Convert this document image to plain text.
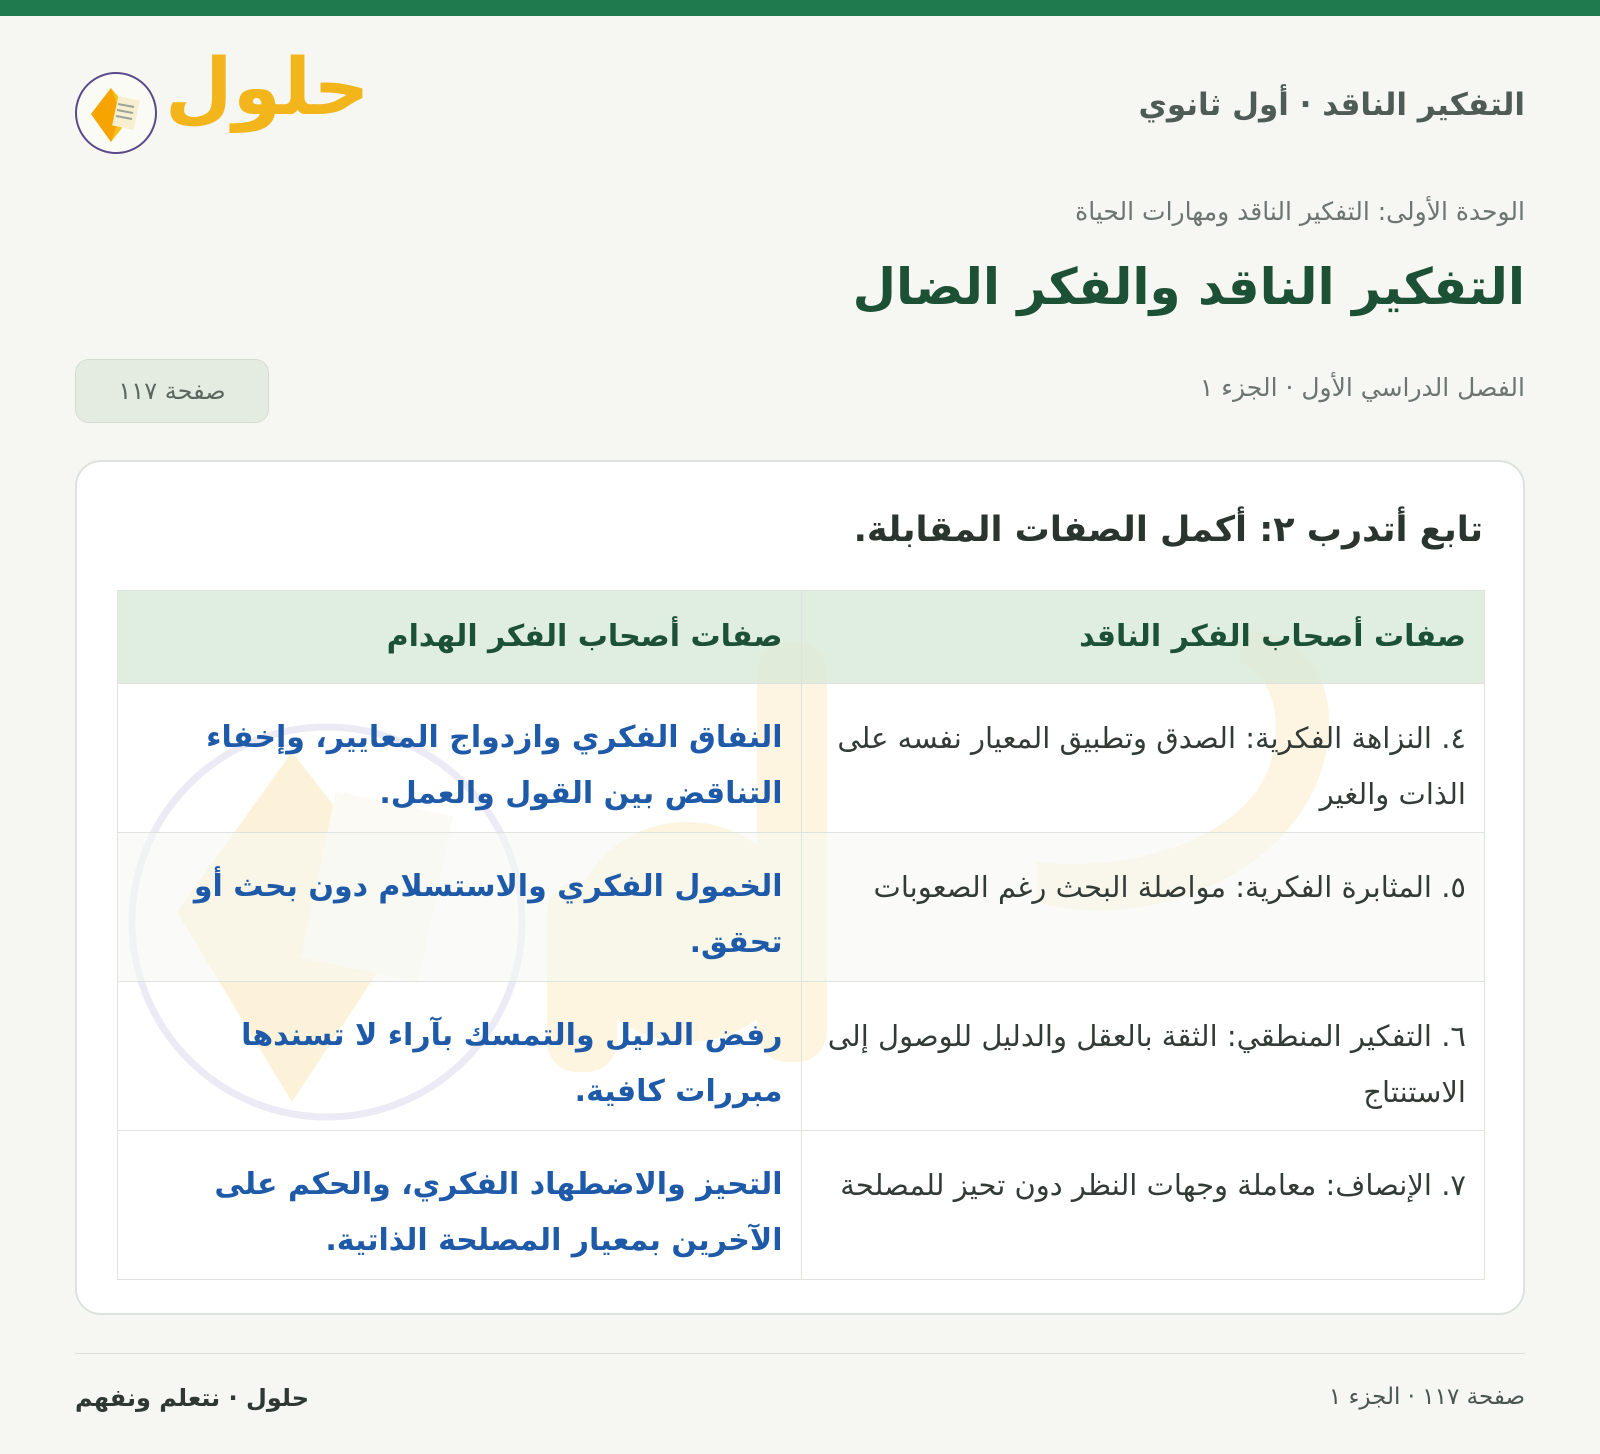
التفكير الناقد · أول ثانوي
حلول
الوحدة الأولى: التفكير الناقد ومهارات الحياة
التفكير الناقد والفكر الضال
الفصل الدراسي الأول · الجزء ١
صفحة ١١٧
تابع أتدرب ٢: أكمل الصفات المقابلة.
صفات أصحاب الفكر الناقد	صفات أصحاب الفكر الهدام
٤. النزاهة الفكرية: الصدق وتطبيق المعيار نفسه على الذات والغير	النفاق الفكري وازدواج المعايير، وإخفاء التناقض بين القول والعمل.
٥. المثابرة الفكرية: مواصلة البحث رغم الصعوبات	الخمول الفكري والاستسلام دون بحث أو تحقق.
٦. التفكير المنطقي: الثقة بالعقل والدليل للوصول إلى الاستنتاج	رفض الدليل والتمسك بآراء لا تسندها مبررات كافية.
٧. الإنصاف: معاملة وجهات النظر دون تحيز للمصلحة	التحيز والاضطهاد الفكري، والحكم على الآخرين بمعيار المصلحة الذاتية.
صفحة ١١٧ · الجزء ١
حلول · نتعلم ونفهم
